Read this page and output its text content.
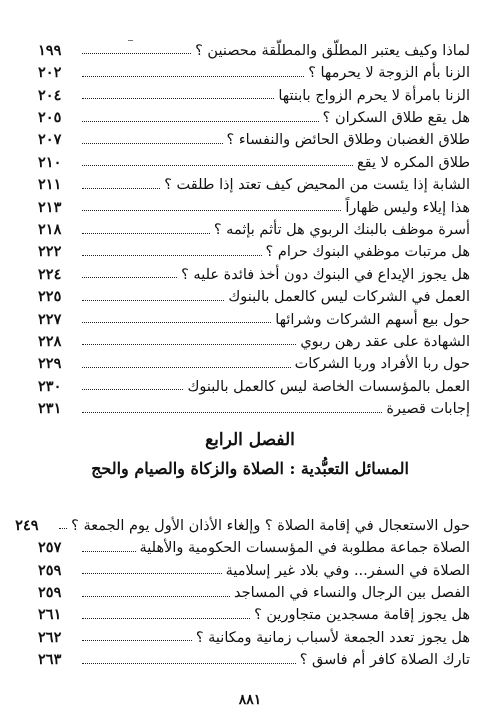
لماذا وكيف يعتبر المطلّق والمطلّقة محصنين ؟
١٩٩
الزنا بأم الزوجة لا يحرمها ؟
٢٠٢
الزنا بامرأة لا يحرم الزواج بابنتها
٢٠٤
هل يقع طلاق السكران ؟
٢٠٥
طلاق الغضبان وطلاق الحائض والنفساء ؟
٢٠٧
طلاق المكره لا يقع
٢١٠
الشابة إذا يئست من المحيض كيف تعتد إذا طلقت ؟
٢١١
هذا إيلاء وليس ظهاراً
٢١٣
أسرة موظف بالبنك الربوي هل تأثم بإثمه ؟
٢١٨
هل مرتبات موظفي البنوك حرام ؟
٢٢٢
هل يجوز الإيداع في البنوك دون أخذ فائدة عليه ؟
٢٢٤
العمل في الشركات ليس كالعمل بالبنوك
٢٢٥
حول بيع أسهم الشركات وشرائها
٢٢٧
الشهادة على عقد رهن ربوي
٢٢٨
حول ربا الأفراد وربا الشركات
٢٢٩
العمل بالمؤسسات الخاصة ليس كالعمل بالبنوك
٢٣٠
إجابات قصيرة
٢٣١
الفصل الرابع
المسائل التعبُّدية : الصلاة والزكاة والصيام والحج
حول الاستعجال في إقامة الصلاة ؟ وإلغاء الأذان الأول يوم الجمعة ؟
٢٤٩
الصلاة جماعة مطلوبة في المؤسسات الحكومية والأهلية
٢٥٧
الصلاة في السفر... وفي بلاد غير إسلامية
٢٥٩
الفصل بين الرجال والنساء في المساجد
٢٥٩
هل يجوز إقامة مسجدين متجاورين ؟
٢٦١
هل يجوز تعدد الجمعة لأسباب زمانية ومكانية ؟
٢٦٢
تارك الصلاة كافر أم فاسق ؟
٢٦٣
٨٨١
